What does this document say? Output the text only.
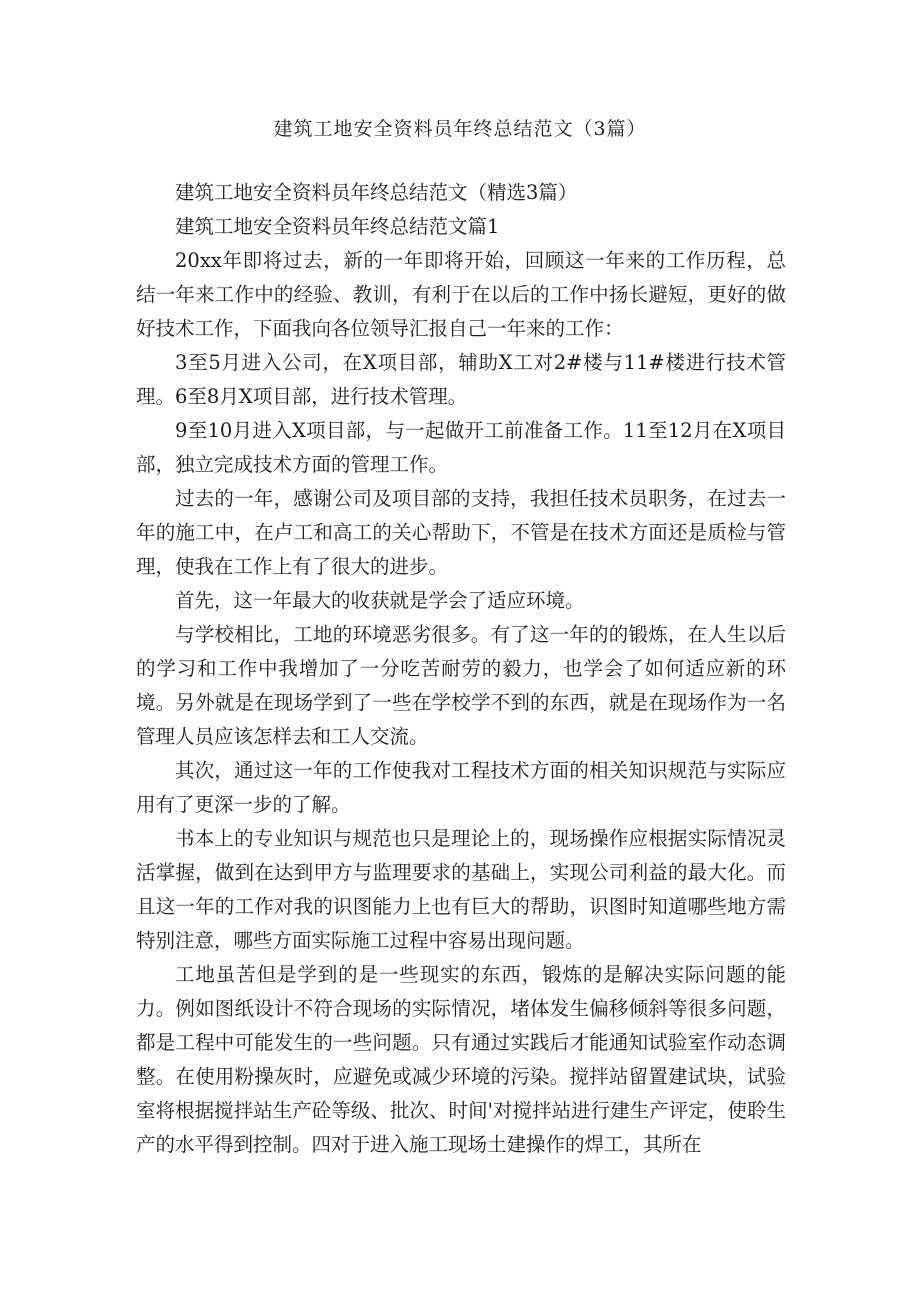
建筑工地安全资料员年终总结范文（3篇）

建筑工地安全资料员年终总结范文（精选3篇）

建筑工地安全资料员年终总结范文篇1

20xx年即将过去，新的一年即将开始，回顾这一年来的工作历程，总结一年来工作中的经验、教训，有利于在以后的工作中扬长避短，更好的做好技术工作，下面我向各位领导汇报自己一年来的工作：

3至5月进入公司，在X项目部，辅助X工对2#楼与11#楼进行技术管理。6至8月X项目部，进行技术管理。

9至10月进入X项目部，与一起做开工前准备工作。11至12月在X项目部，独立完成技术方面的管理工作。

过去的一年，感谢公司及项目部的支持，我担任技术员职务，在过去一年的施工中，在卢工和高工的关心帮助下，不管是在技术方面还是质检与管理，使我在工作上有了很大的进步。

首先，这一年最大的收获就是学会了适应环境。

与学校相比，工地的环境恶劣很多。有了这一年的的锻炼，在人生以后的学习和工作中我增加了一分吃苦耐劳的毅力，也学会了如何适应新的环境。另外就是在现场学到了一些在学校学不到的东西，就是在现场作为一名管理人员应该怎样去和工人交流。

其次，通过这一年的工作使我对工程技术方面的相关知识规范与实际应用有了更深一步的了解。

书本上的专业知识与规范也只是理论上的，现场操作应根据实际情况灵活掌握，做到在达到甲方与监理要求的基础上，实现公司利益的最大化。而且这一年的工作对我的识图能力上也有巨大的帮助，识图时知道哪些地方需特别注意，哪些方面实际施工过程中容易出现问题。

工地虽苦但是学到的是一些现实的东西，锻炼的是解决实际问题的能力。例如图纸设计不符合现场的实际情况，堵体发生偏移倾斜等很多问题，都是工程中可能发生的一些问题。只有通过实践后才能通知试验室作动态调整。在使用粉操灰时，应避免或减少环境的污染。搅拌站留置建试块，试验室将根据搅拌站生产砼等级、批次、时间'对搅拌站进行建生产评定，使聆生产的水平得到控制。四对于进入施工现场土建操作的焊工，其所在
